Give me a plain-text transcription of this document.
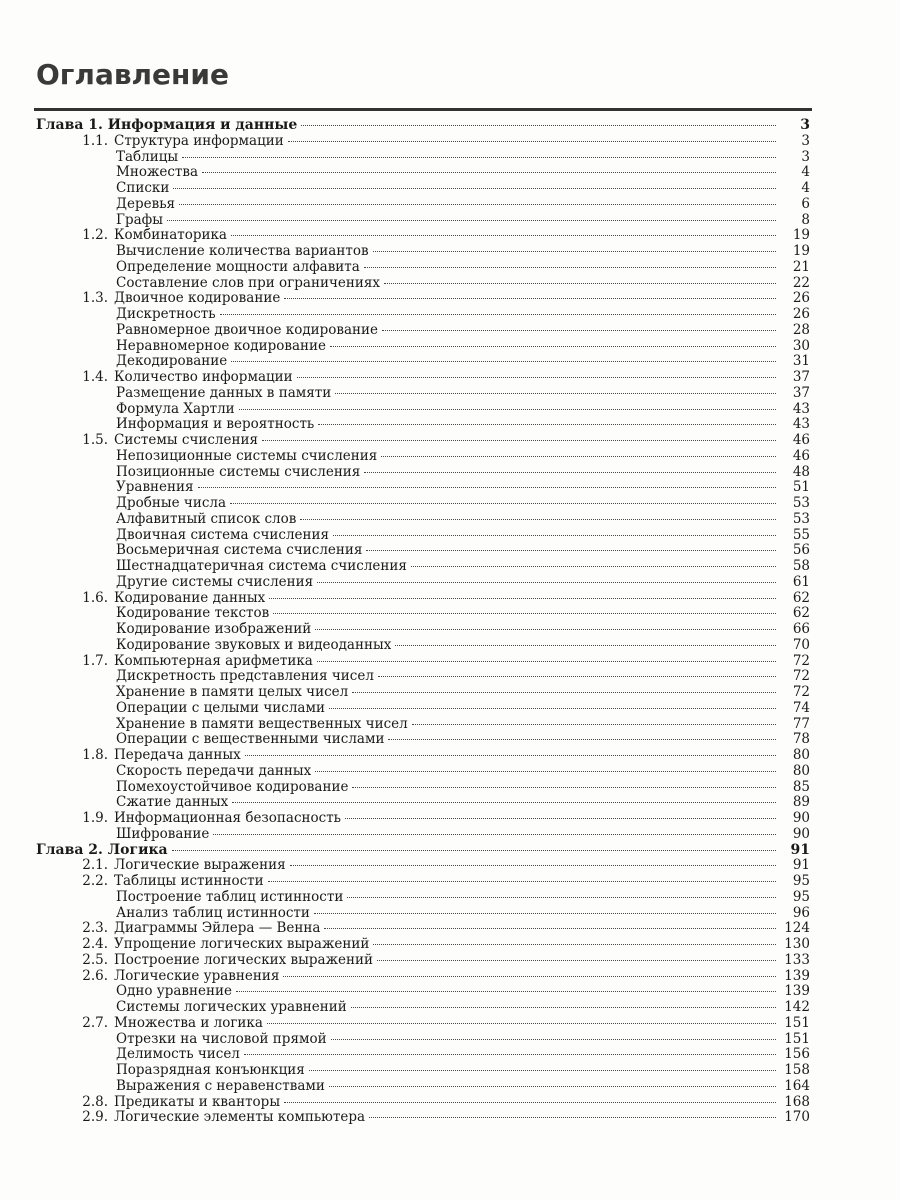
Оглавление
Глава 1. Информация и данные	3
1.1. Структура информации	3
Таблицы	3
Множества	4
Списки	4
Деревья	6
Графы	8
1.2. Комбинаторика	19
Вычисление количества вариантов	19
Определение мощности алфавита	21
Составление слов при ограничениях	22
1.3. Двоичное кодирование	26
Дискретность	26
Равномерное двоичное кодирование	28
Неравномерное кодирование	30
Декодирование	31
1.4. Количество информации	37
Размещение данных в памяти	37
Формула Хартли	43
Информация и вероятность	43
1.5. Системы счисления	46
Непозиционные системы счисления	46
Позиционные системы счисления	48
Уравнения	51
Дробные числа	53
Алфавитный список слов	53
Двоичная система счисления	55
Восьмеричная система счисления	56
Шестнадцатеричная система счисления	58
Другие системы счисления	61
1.6. Кодирование данных	62
Кодирование текстов	62
Кодирование изображений	66
Кодирование звуковых и видеоданных	70
1.7. Компьютерная арифметика	72
Дискретность представления чисел	72
Хранение в памяти целых чисел	72
Операции с целыми числами	74
Хранение в памяти вещественных чисел	77
Операции с вещественными числами	78
1.8. Передача данных	80
Скорость передачи данных	80
Помехоустойчивое кодирование	85
Сжатие данных	89
1.9. Информационная безопасность	90
Шифрование	90
Глава 2. Логика	91
2.1. Логические выражения	91
2.2. Таблицы истинности	95
Построение таблиц истинности	95
Анализ таблиц истинности	96
2.3. Диаграммы Эйлера — Венна	124
2.4. Упрощение логических выражений	130
2.5. Построение логических выражений	133
2.6. Логические уравнения	139
Одно уравнение	139
Системы логических уравнений	142
2.7. Множества и логика	151
Отрезки на числовой прямой	151
Делимость чисел	156
Поразрядная конъюнкция	158
Выражения с неравенствами	164
2.8. Предикаты и кванторы	168
2.9. Логические элементы компьютера	170
